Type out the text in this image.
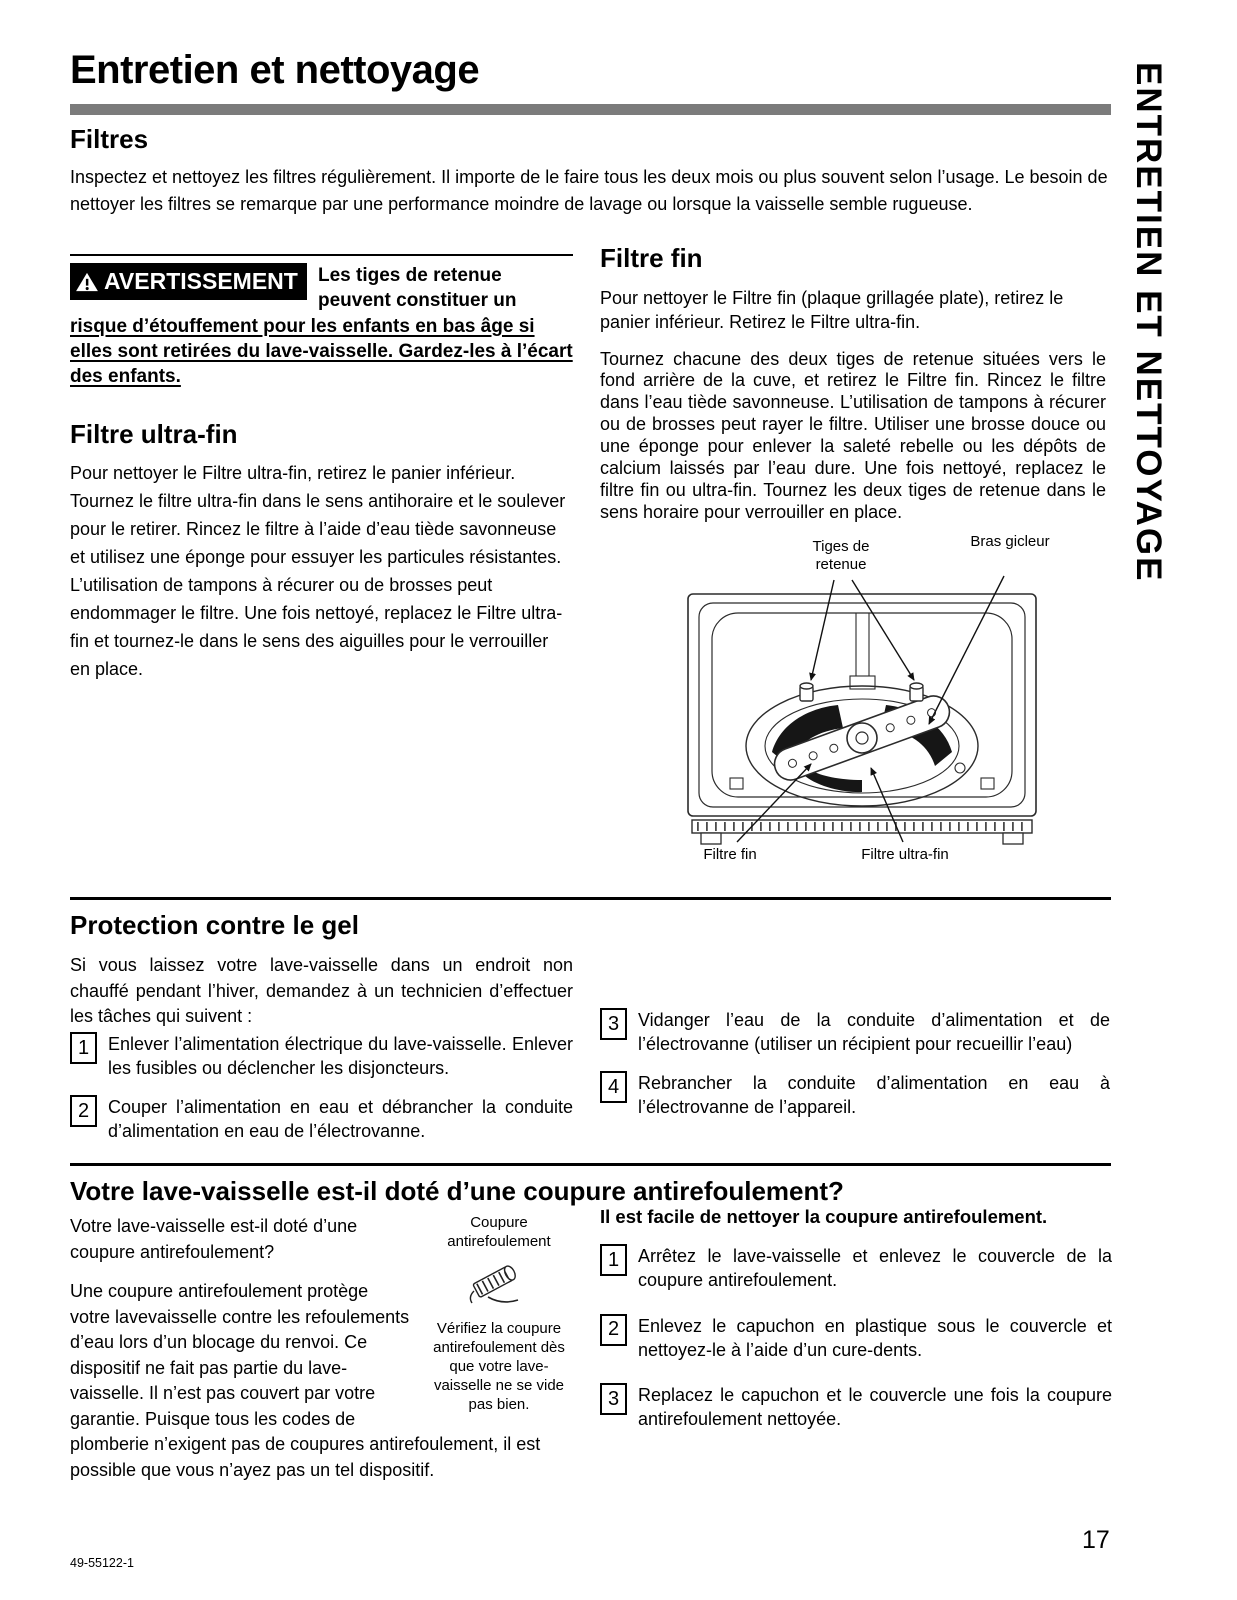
Entretien et nettoyage	ENTRETIEN ET NETTOYAGE
Filtres

Inspectez et nettoyez les filtres régulièrement. Il importe de le faire tous les deux mois ou plus souvent selon l’usage. Le besoin de nettoyer les filtres se remarque par une performance moindre de lavage ou lorsque la vaisselle semble rugueuse.

AVERTISSEMENT	Les tiges de retenue peuvent constituer un risque d’étouffement pour les enfants en bas âge si elles sont retirées du lave-vaisselle. Gardez-les à l’écart des enfants.

Filtre ultra-fin

Pour nettoyer le Filtre ultra-fin, retirez le panier inférieur. Tournez le filtre ultra-fin dans le sens antihoraire et le soulever pour le retirer. Rincez le filtre à l’aide d’eau tiède savonneuse et utilisez une éponge pour essuyer les particules résistantes. L’utilisation de tampons à récurer ou de brosses peut endommager le filtre. Une fois nettoyé, replacez le Filtre ultra-fin et tournez-le dans le sens des aiguilles pour le verrouiller en place.

Filtre fin

Pour nettoyer le Filtre fin (plaque grillagée plate), retirez le panier inférieur. Retirez le Filtre ultra-fin.

Tournez chacune des deux tiges de retenue situées vers le fond arrière de la cuve, et retirez le Filtre fin. Rincez le filtre dans l’eau tiède savonneuse. L’utilisation de tampons à récurer ou de brosses peut rayer le filtre. Utiliser une brosse douce ou une éponge pour enlever la saleté rebelle ou les dépôts de calcium laissés par l’eau dure. Une fois nettoyé, replacez le filtre fin ou ultra-fin. Tournez les deux tiges de retenue dans le sens horaire pour verrouiller en place.

Tiges de retenue
Bras gicleur
Filtre fin	Filtre ultra-fin
Protection contre le gel

Si vous laissez votre lave-vaisselle dans un endroit non chauffé pendant l’hiver, demandez à un technicien d’effectuer les tâches qui suivent :

1	Enlever l’alimentation électrique du lave-vaisselle. Enlever les fusibles ou déclencher les disjoncteurs.

2	Couper l’alimentation en eau et débrancher la conduite d’alimentation en eau de l’électrovanne.

3	Vidanger l’eau de la conduite d’alimentation et de l’électrovanne (utiliser un récipient pour recueillir l’eau)

4	Rebrancher la conduite d’alimentation en eau à l’électrovanne de l’appareil.

Votre lave-vaisselle est-il doté d’une coupure antirefoulement?
Coupure antirefoulement
Vérifiez la coupure antirefoulement dès que votre lave-vaisselle ne se vide pas bien.

Votre lave-vaisselle est-il doté d’une coupure antirefoulement?

Une coupure antirefoulement protège votre lavevaisselle contre les refoulements d’eau lors d’un blocage du renvoi. Ce dispositif ne fait pas partie du lave-vaisselle. Il n’est pas couvert par votre garantie. Puisque tous les codes de plomberie n’exigent pas de coupures antirefoulement, il est possible que vous n’ayez pas un tel dispositif.

Il est facile de nettoyer la coupure antirefoulement.

1	Arrêtez le lave-vaisselle et enlevez le couvercle de la coupure antirefoulement.

2	Enlevez le capuchon en plastique sous le couvercle et nettoyez-le à l’aide d’un cure-dents.

3	Replacez le capuchon et le couvercle une fois la coupure antirefoulement nettoyée.

49-55122-1
17
